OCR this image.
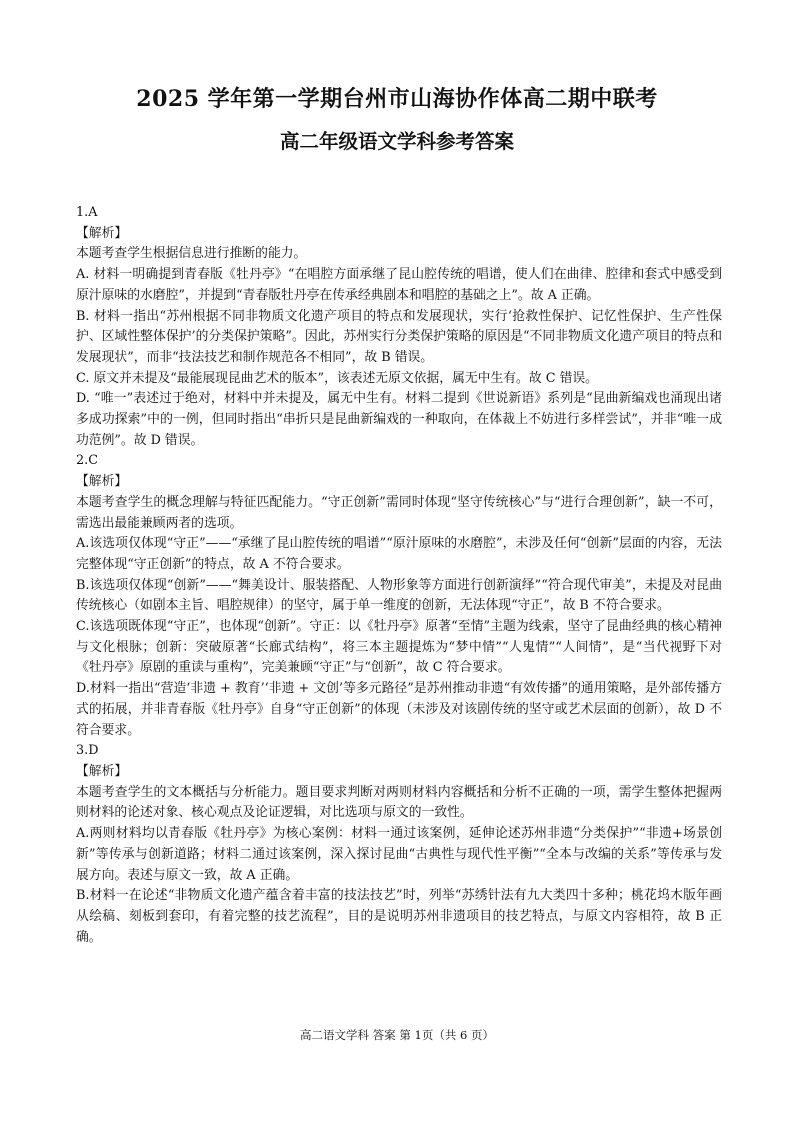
2025 学年第一学期台州市山海协作体高二期中联考
高二年级语文学科参考答案

1.A

【解析】

本题考查学生根据信息进行推断的能力。

A. 材料一明确提到青春版《牡丹亭》“在唱腔方面承继了昆山腔传统的唱谱，使人们在曲律、腔律和套式中感受到原汁原味的水磨腔”，并提到“青春版牡丹亭在传承经典剧本和唱腔的基础之上”。故 A 正确。

B. 材料一指出“苏州根据不同非物质文化遗产项目的特点和发展现状，实行‘抢救性保护、记忆性保护、生产性保护、区域性整体保护’的分类保护策略”。因此，苏州实行分类保护策略的原因是“不同非物质文化遗产项目的特点和发展现状”，而非“技法技艺和制作规范各不相同”，故 B 错误。

C. 原文并未提及“最能展现昆曲艺术的版本”，该表述无原文依据，属无中生有。故 C 错误。

D. “唯一”表述过于绝对，材料中并未提及，属无中生有。材料二提到《世说新语》系列是“昆曲新编戏也涌现出诸多成功探索”中的一例，但同时指出“串折只是昆曲新编戏的一种取向，在体裁上不妨进行多样尝试”，并非“唯一成功范例”。故 D 错误。

2.C

【解析】

本题考查学生的概念理解与特征匹配能力。“守正创新”需同时体现“坚守传统核心”与“进行合理创新”，缺一不可，需选出最能兼顾两者的选项。

A.该选项仅体现“守正”——“承继了昆山腔传统的唱谱”“原汁原味的水磨腔”，未涉及任何“创新”层面的内容，无法完整体现“守正创新”的特点，故 A 不符合要求。

B.该选项仅体现“创新”——“舞美设计、服装搭配、人物形象等方面进行创新演绎”“符合现代审美”，未提及对昆曲传统核心（如剧本主旨、唱腔规律）的坚守，属于单一维度的创新，无法体现“守正”，故 B 不符合要求。

C.该选项既体现“守正”，也体现“创新”。守正：以《牡丹亭》原著“至情”主题为线索，坚守了昆曲经典的核心精神与文化根脉；创新：突破原著“长廊式结构”，将三本主题提炼为“梦中情”“人鬼情”“人间情”，是“当代视野下对《牡丹亭》原剧的重读与重构”，完美兼顾“守正”与“创新”，故 C 符合要求。

D.材料一指出“营造‘非遗 + 教育’‘非遗 + 文创’等多元路径”是苏州推动非遗“有效传播”的通用策略，是外部传播方式的拓展，并非青春版《牡丹亭》自身“守正创新”的体现（未涉及对该剧传统的坚守或艺术层面的创新），故 D 不符合要求。

3.D

【解析】

本题考查学生的文本概括与分析能力。题目要求判断对两则材料内容概括和分析不正确的一项，需学生整体把握两则材料的论述对象、核心观点及论证逻辑，对比选项与原文的一致性。

A.两则材料均以青春版《牡丹亭》为核心案例：材料一通过该案例，延伸论述苏州非遗“分类保护”“非遗+场景创新”等传承与创新道路；材料二通过该案例，深入探讨昆曲“古典性与现代性平衡”“全本与改编的关系”等传承与发展方向。表述与原文一致，故 A 正确。

B.材料一在论述“非物质文化遗产蕴含着丰富的技法技艺”时，列举“苏绣针法有九大类四十多种；桃花坞木版年画从绘稿、刻板到套印，有着完整的技艺流程”，目的是说明苏州非遗项目的技艺特点，与原文内容相符，故 B 正确。

高二语文学科 答案 第 1页（共 6 页）
